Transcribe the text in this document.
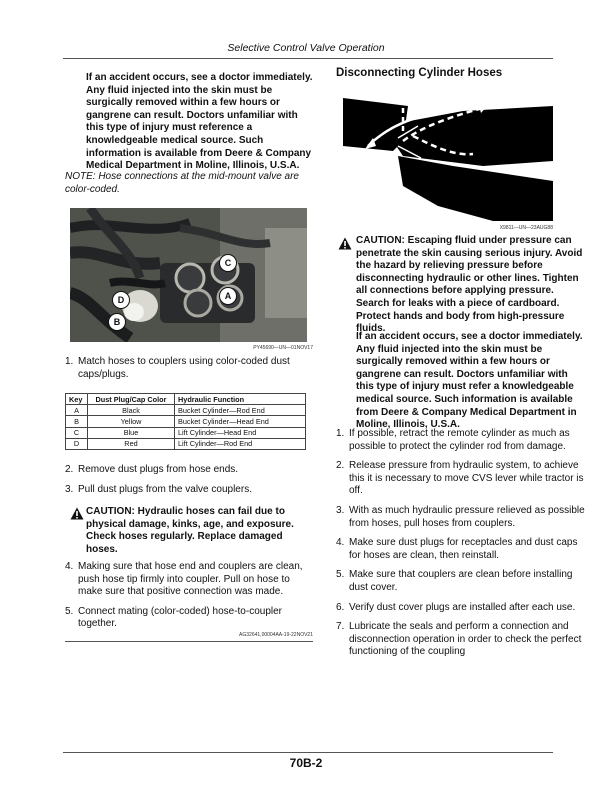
Selective Control Valve Operation
If an accident occurs, see a doctor immediately. Any fluid injected into the skin must be surgically removed within a few hours or gangrene can result. Doctors unfamiliar with this type of injury must reference a knowledgeable medical source. Such information is available from Deere & Company Medical Department in Moline, Illinois, U.S.A.
NOTE: Hose connections at the mid-mount valve are color-coded.
C
D	A
B
PY45690—UN—01NOV17
1. Match hoses to couplers using color-coded dust caps/plugs.
Key	Dust Plug/Cap Color	Hydraulic Function
A	Black	Bucket Cylinder—Rod End
B	Yellow	Bucket Cylinder—Head End
C	Blue	Lift Cylinder—Head End
D	Red	Lift Cylinder—Rod End
2. Remove dust plugs from hose ends.
3. Pull dust plugs from the valve couplers.
CAUTION: Hydraulic hoses can fail due to physical damage, kinks, age, and exposure. Check hoses regularly. Replace damaged hoses.
4. Making sure that hose end and couplers are clean, push hose tip firmly into coupler. Pull on hose to make sure that positive connection was made.
5. Connect mating (color-coded) hose-to-coupler together.
AG32641,00004AA-19-22NOV21
Disconnecting Cylinder Hoses
X9811—UN—23AUG88
CAUTION: Escaping fluid under pressure can penetrate the skin causing serious injury. Avoid the hazard by relieving pressure before disconnecting hydraulic or other lines. Tighten all connections before applying pressure. Search for leaks with a piece of cardboard. Protect hands and body from high-pressure fluids.
If an accident occurs, see a doctor immediately. Any fluid injected into the skin must be surgically removed within a few hours or gangrene can result. Doctors unfamiliar with this type of injury must refer a knowledgeable medical source. Such information is available from Deere & Company Medical Department in Moline, Illinois, U.S.A.
1. If possible, retract the remote cylinder as much as possible to protect the cylinder rod from damage.
2. Release pressure from hydraulic system, to achieve this it is necessary to move CVS lever while tractor is off.
3. With as much hydraulic pressure relieved as possible from hoses, pull hoses from couplers.
4. Make sure dust plugs for receptacles and dust caps for hoses are clean, then reinstall.
5. Make sure that couplers are clean before installing dust cover.
6. Verify dust cover plugs are installed after each use.
7. Lubricate the seals and perform a connection and disconnection operation in order to check the perfect functioning of the coupling
70B-2
